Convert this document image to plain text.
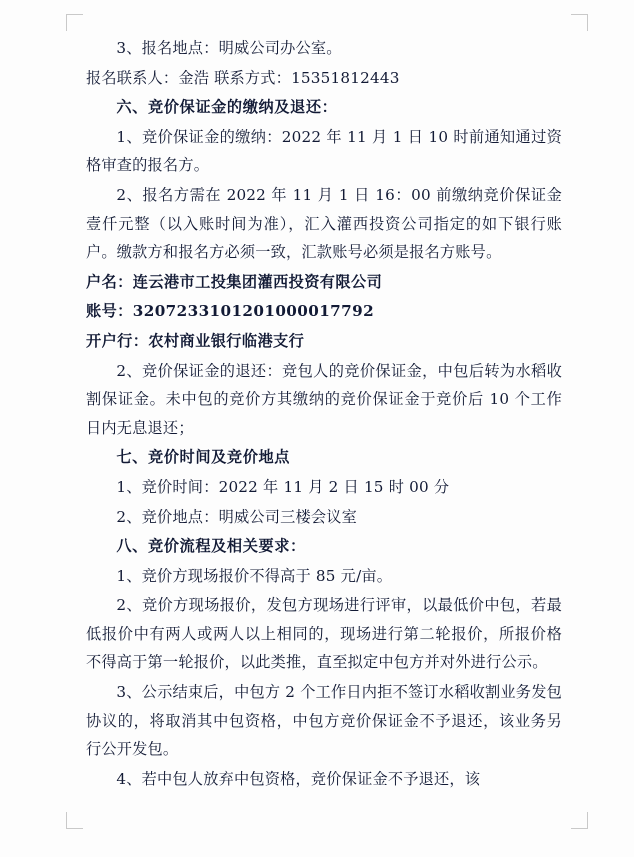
3、报名地点：明威公司办公室。

报名联系人：金浩 联系方式：15351812443

六、竞价保证金的缴纳及退还：

1、竞价保证金的缴纳：2022 年 11 月 1 日 10 时前通知通过资格审查的报名方。

2、报名方需在 2022 年 11 月 1 日 16：00 前缴纳竞价保证金壹仟元整（以入账时间为准），汇入灌西投资公司指定的如下银行账户。缴款方和报名方必须一致，汇款账号必须是报名方账号。

户名：连云港市工投集团灌西投资有限公司

账号：3207233101201000017792

开户行：农村商业银行临港支行

2、竞价保证金的退还：竞包人的竞价保证金，中包后转为水稻收割保证金。未中包的竞价方其缴纳的竞价保证金于竞价后 10 个工作日内无息退还；

七、竞价时间及竞价地点

1、竞价时间：2022 年 11 月 2 日 15 时 00 分

2、竞价地点：明威公司三楼会议室

八、竞价流程及相关要求：

1、竞价方现场报价不得高于 85 元/亩。

2、竞价方现场报价，发包方现场进行评审，以最低价中包，若最低报价中有两人或两人以上相同的，现场进行第二轮报价，所报价格不得高于第一轮报价，以此类推，直至拟定中包方并对外进行公示。

3、公示结束后，中包方 2 个工作日内拒不签订水稻收割业务发包协议的，将取消其中包资格，中包方竞价保证金不予退还，该业务另行公开发包。

4、若中包人放弃中包资格，竞价保证金不予退还，该
